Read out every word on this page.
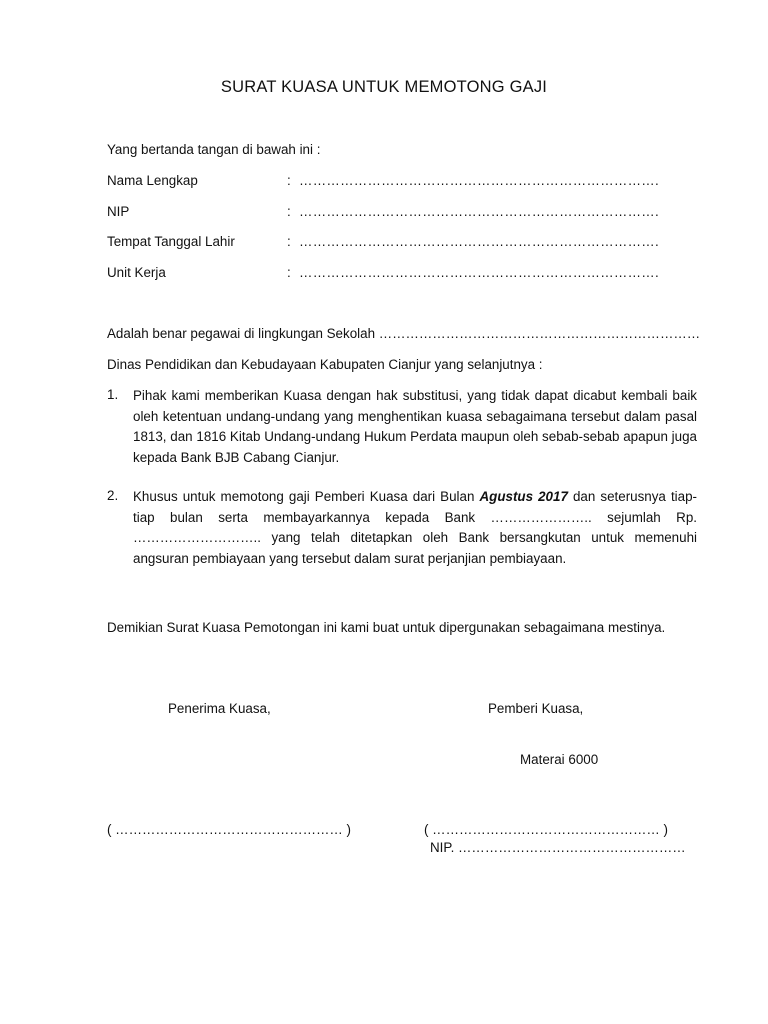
SURAT KUASA UNTUK MEMOTONG GAJI
Yang bertanda tangan di bawah ini :
Nama Lengkap	: …………………………………………………………………….
NIP	: …………………………………………………………………….
Tempat Tanggal Lahir	: …………………………………………………………………….
Unit Kerja	: …………………………………………………………………….
Adalah benar pegawai di lingkungan Sekolah ………………………………………………………………
Dinas Pendidikan dan Kebudayaan Kabupaten Cianjur yang selanjutnya :
1. Pihak kami memberikan Kuasa dengan hak substitusi, yang tidak dapat dicabut kembali baik oleh ketentuan undang-undang yang menghentikan kuasa sebagaimana tersebut dalam pasal 1813, dan 1816 Kitab Undang-undang Hukum Perdata maupun oleh sebab-sebab apapun juga kepada Bank BJB Cabang Cianjur.
2. Khusus untuk memotong gaji Pemberi Kuasa dari Bulan Agustus 2017 dan seterusnya tiap-tiap bulan serta membayarkannya kepada Bank ………………….. sejumlah Rp. ……………………….. yang telah ditetapkan oleh Bank bersangkutan untuk memenuhi angsuran pembiayaan yang tersebut dalam surat perjanjian pembiayaan.
Demikian Surat Kuasa Pemotongan ini kami buat untuk dipergunakan sebagaimana mestinya.
Penerima Kuasa,	Pemberi Kuasa,
Materai 6000
( …………………………………………… )	( …………………………………………… )
NIP. ……………………………………………
